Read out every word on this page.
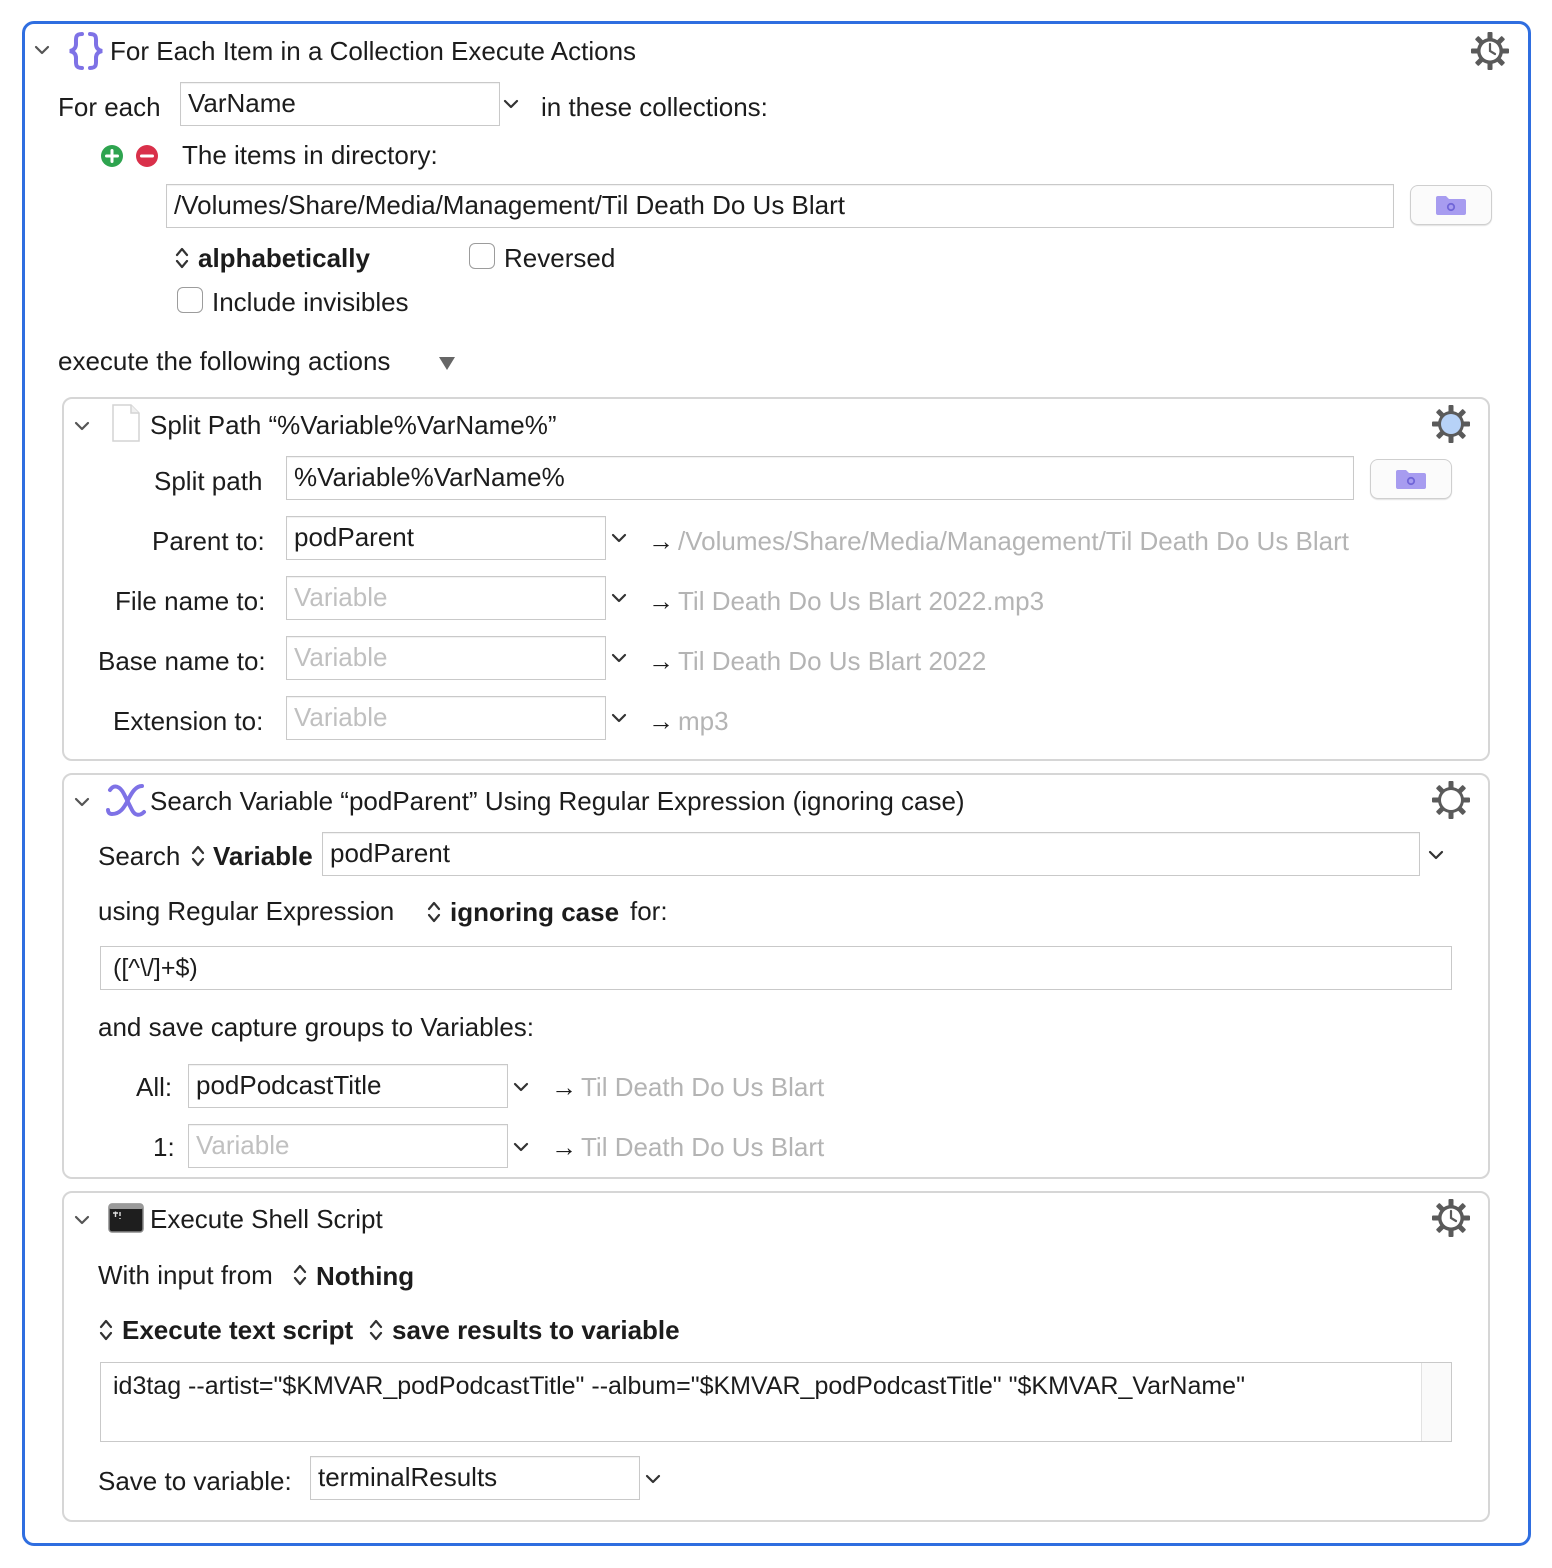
For Each Item in a Collection Execute Actions
For each	VarName	in these collections:
The items in directory:
/Volumes/Share/Media/Management/Til Death Do Us Blart
alphabetically	Reversed
Include invisibles
execute the following actions
Split Path “%Variable%VarName%”
Split path	%Variable%VarName%
Parent to:	podParent	→ /Volumes/Share/Media/Management/Til Death Do Us Blart
File name to:	Variable	→ Til Death Do Us Blart 2022.mp3
Base name to:	Variable	→ Til Death Do Us Blart 2022
Extension to:	Variable	→ mp3
Search Variable “podParent” Using Regular Expression (ignoring case)
Search Variable podParent
using Regular Expression ignoring case for:
([^\/]+$)
and save capture groups to Variables:
All: podPodcastTitle	→ Til Death Do Us Blart
1: Variable	→ Til Death Do Us Blart
Execute Shell Script
With input from Nothing
Execute text script save results to variable
id3tag --artist="$KMVAR_podPodcastTitle" --album="$KMVAR_podPodcastTitle" "$KMVAR_VarName"
Save to variable:	terminalResults
